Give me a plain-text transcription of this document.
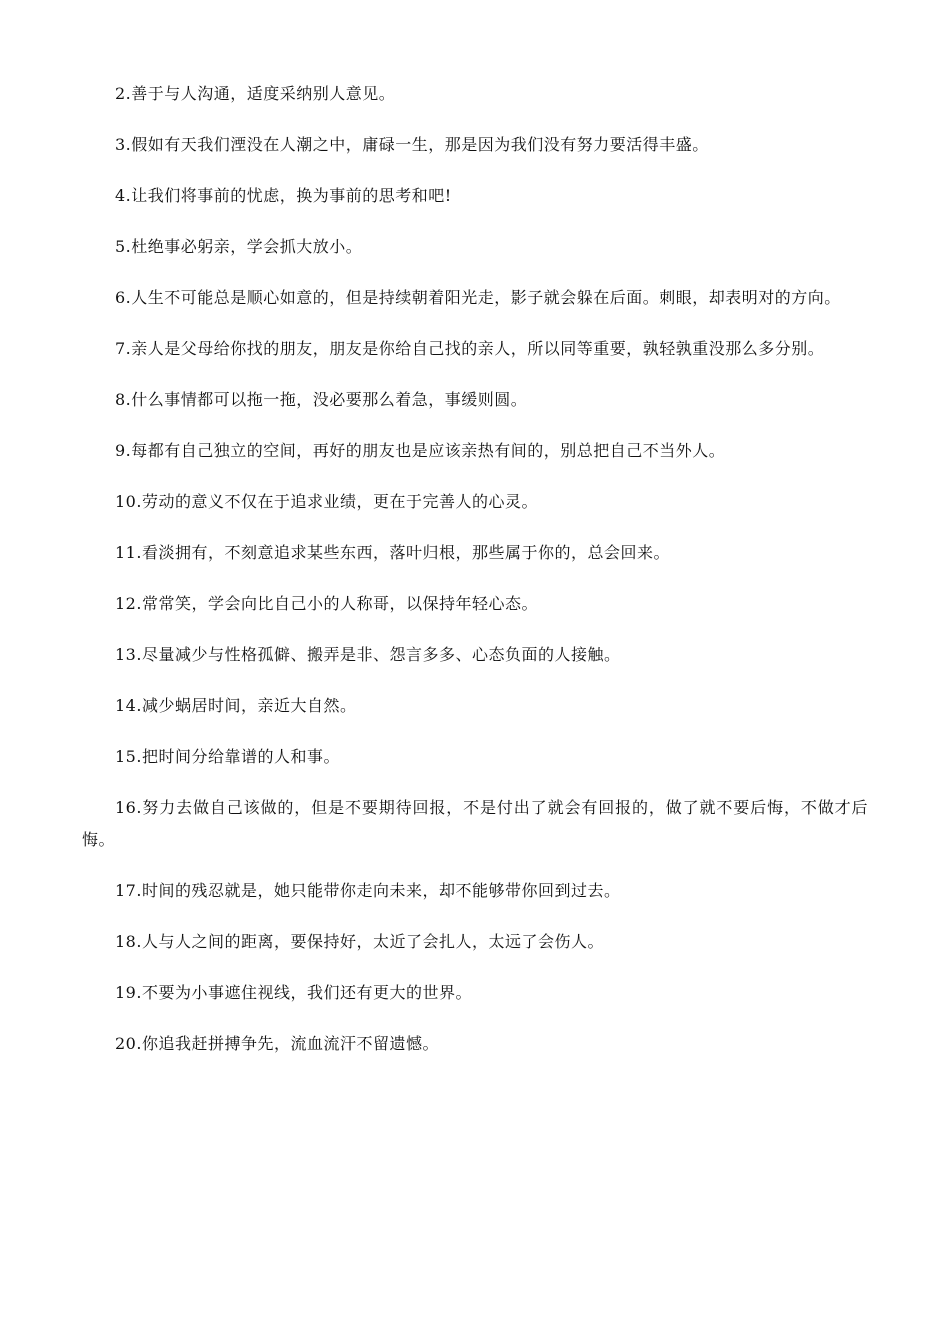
2.善于与人沟通，适度采纳别人意见。

3.假如有天我们湮没在人潮之中，庸碌一生，那是因为我们没有努力要活得丰盛。

4.让我们将事前的忧虑，换为事前的思考和吧!

5.杜绝事必躬亲，学会抓大放小。

6.人生不可能总是顺心如意的，但是持续朝着阳光走，影子就会躲在后面。刺眼，却表明对的方向。

7.亲人是父母给你找的朋友，朋友是你给自己找的亲人，所以同等重要，孰轻孰重没那么多分别。

8.什么事情都可以拖一拖，没必要那么着急，事缓则圆。

9.每都有自己独立的空间，再好的朋友也是应该亲热有间的，别总把自己不当外人。

10.劳动的意义不仅在于追求业绩，更在于完善人的心灵。

11.看淡拥有，不刻意追求某些东西，落叶归根，那些属于你的，总会回来。

12.常常笑，学会向比自己小的人称哥，以保持年轻心态。

13.尽量减少与性格孤僻、搬弄是非、怨言多多、心态负面的人接触。

14.减少蜗居时间，亲近大自然。

15.把时间分给靠谱的人和事。

16.努力去做自己该做的，但是不要期待回报，不是付出了就会有回报的，做了就不要后悔，不做才后悔。

17.时间的残忍就是，她只能带你走向未来，却不能够带你回到过去。

18.人与人之间的距离，要保持好，太近了会扎人，太远了会伤人。

19.不要为小事遮住视线，我们还有更大的世界。

20.你追我赶拼搏争先，流血流汗不留遗憾。
